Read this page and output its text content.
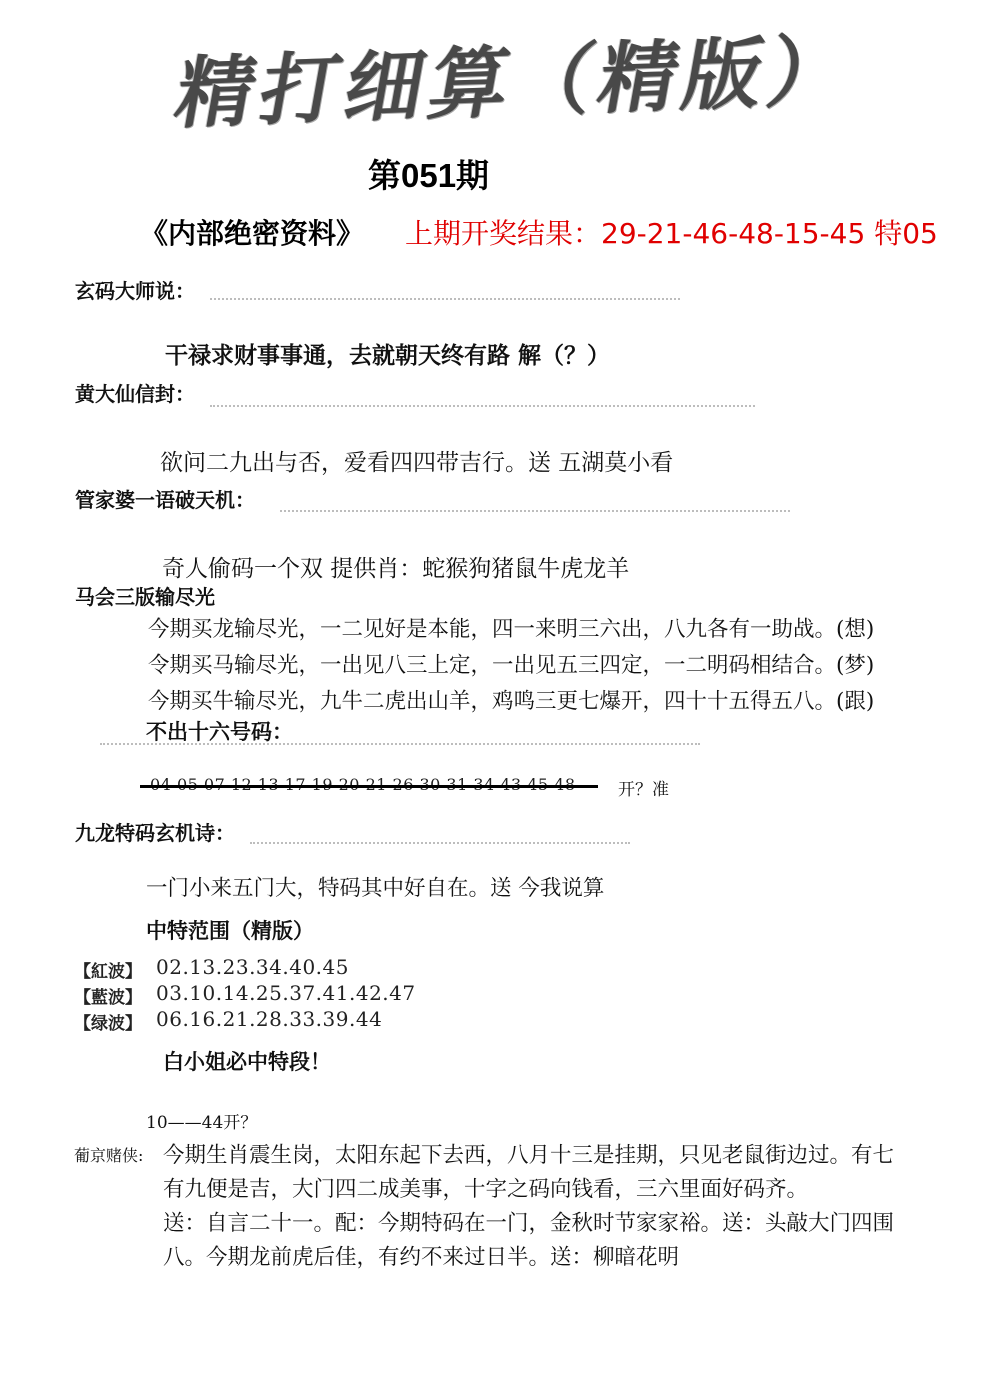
精打细算（精版）
第051期
《内部绝密资料》 上期开奖结果：29-21-46-48-15-45 特05
玄码大师说：
干禄求财事事通，去就朝天终有路 解（？）
黄大仙信封：
欲问二九出与否，爱看四四带吉行。送 五湖莫小看
管家婆一语破天机：
奇人偷码一个双 提供肖：蛇猴狗猪鼠牛虎龙羊
马会三版输尽光
今期买龙输尽光，一二见好是本能，四一来明三六出，八九各有一助战。(想)
令期买马输尽光，一出见八三上定，一出见五三四定，一二明码相结合。(梦)
今期买牛输尽光，九牛二虎出山羊，鸡鸣三更七爆开，四十十五得五八。(跟)
不出十六号码：
开？准
九龙特码玄机诗：
一门小来五门大，特码其中好自在。送 今我说算
中特范围（精版）
【紅波】 02.13.23.34.40.45
【藍波】 03.10.14.25.37.41.42.47
【绿波】 06.16.21.28.33.39.44
白小姐必中特段！
10——44开？
葡京赌侠: 今期生肖震生岗，太阳东起下去西，八月十三是挂期，只见老鼠街边过。有七
有九便是吉，大门四二成美事，十字之码向钱看，三六里面好码齐。
送：自言二十一。配：今期特码在一门，金秋时节家家裕。送：头敲大门四围
八。今期龙前虎后佳，有约不来过日半。送：柳暗花明
